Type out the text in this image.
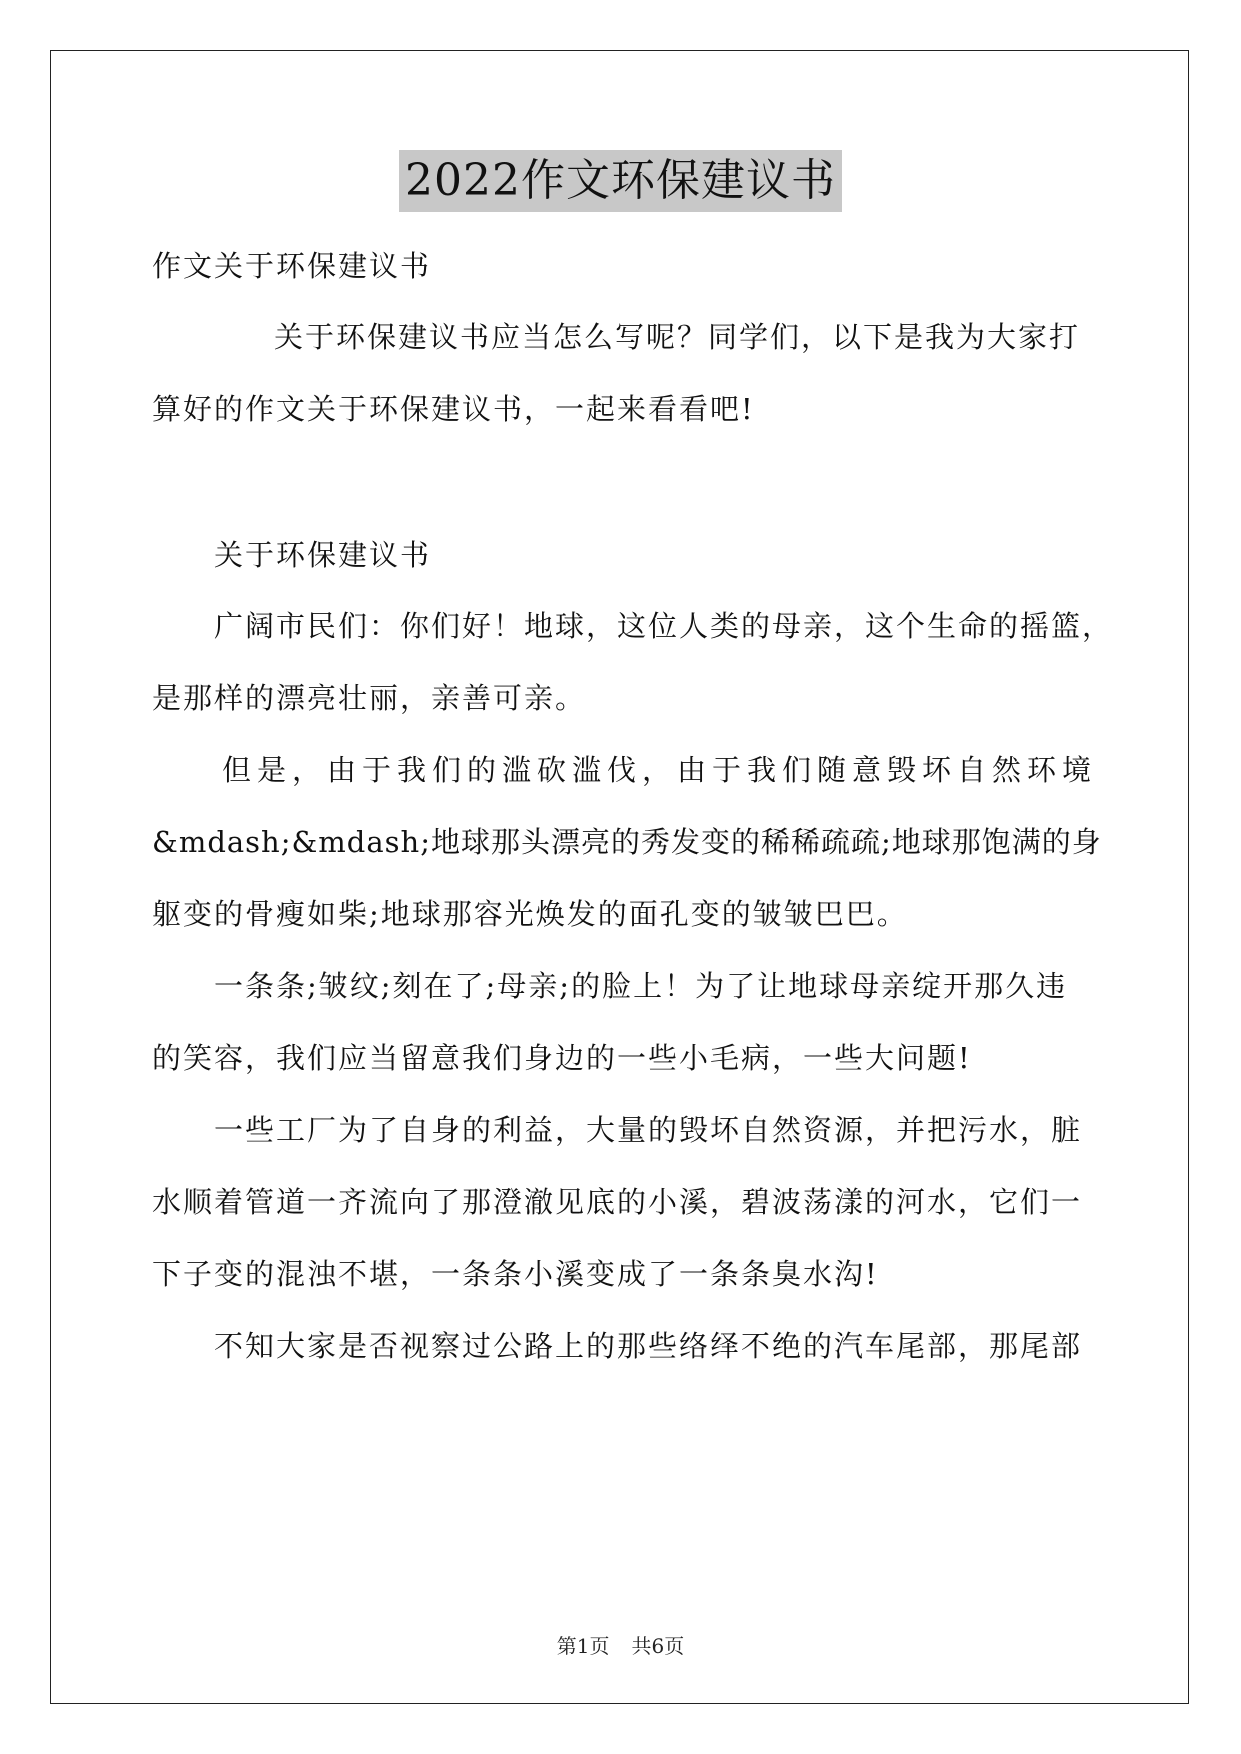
2022作文环保建议书
作文关于环保建议书
关于环保建议书应当怎么写呢？同学们，以下是我为大家打
算好的作文关于环保建议书，一起来看看吧!
关于环保建议书
广阔市民们：你们好！地球，这位人类的母亲，这个生命的摇篮，
是那样的漂亮壮丽，亲善可亲。
但是，由于我们的滥砍滥伐，由于我们随意毁坏自然环境
&mdash;&mdash;地球那头漂亮的秀发变的稀稀疏疏;地球那饱满的身
躯变的骨瘦如柴;地球那容光焕发的面孔变的皱皱巴巴。
一条条;皱纹;刻在了;母亲;的脸上！为了让地球母亲绽开那久违
的笑容，我们应当留意我们身边的一些小毛病，一些大问题!
一些工厂为了自身的利益，大量的毁坏自然资源，并把污水，脏
水顺着管道一齐流向了那澄澈见底的小溪，碧波荡漾的河水，它们一
下子变的混浊不堪，一条条小溪变成了一条条臭水沟!
不知大家是否视察过公路上的那些络绎不绝的汽车尾部，那尾部
第1页 共6页
